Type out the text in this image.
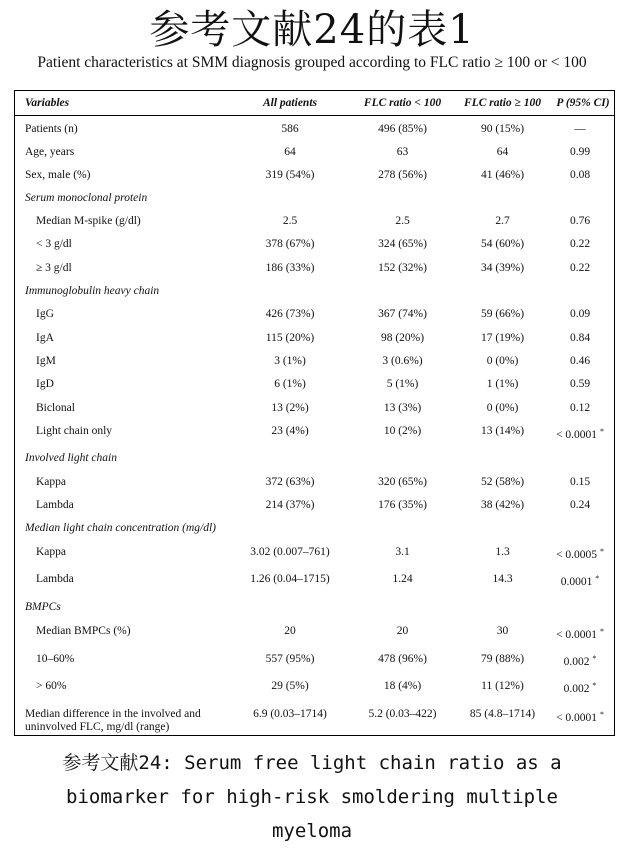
参考文献24的表1
Patient characteristics at SMM diagnosis grouped according to FLC ratio ≥ 100 or < 100
Variables	All patients	FLC ratio < 100	FLC ratio ≥ 100	P (95% CI)
Patients (n)	586	496 (85%)	90 (15%)	—
Age, years	64	63	64	0.99
Sex, male (%)	319 (54%)	278 (56%)	41 (46%)	0.08
Serum monoclonal protein
Median M-spike (g/dl)	2.5	2.5	2.7	0.76
< 3 g/dl	378 (67%)	324 (65%)	54 (60%)	0.22
≥ 3 g/dl	186 (33%)	152 (32%)	34 (39%)	0.22
Immunoglobulin heavy chain
IgG	426 (73%)	367 (74%)	59 (66%)	0.09
IgA	115 (20%)	98 (20%)	17 (19%)	0.84
IgM	3 (1%)	3 (0.6%)	0 (0%)	0.46
IgD	6 (1%)	5 (1%)	1 (1%)	0.59
Biclonal	13 (2%)	13 (3%)	0 (0%)	0.12
Light chain only	23 (4%)	10 (2%)	13 (14%)	< 0.0001 *
Involved light chain
Kappa	372 (63%)	320 (65%)	52 (58%)	0.15
Lambda	214 (37%)	176 (35%)	38 (42%)	0.24
Median light chain concentration (mg/dl)
Kappa	3.02 (0.007–761)	3.1	1.3	< 0.0005 *
Lambda	1.26 (0.04–1715)	1.24	14.3	0.0001 *
BMPCs
Median BMPCs (%)	20	20	30	< 0.0001 *
10–60%	557 (95%)	478 (96%)	79 (88%)	0.002 *
> 60%	29 (5%)	18 (4%)	11 (12%)	0.002 *
Median difference in the involved and
uninvolved FLC, mg/dl (range)
6.9 (0.03–1714)	5.2 (0.03–422)	85 (4.8–1714)	< 0.0001 *
参考文献24: Serum free light chain ratio as a
biomarker for high-risk smoldering multiple
myeloma
